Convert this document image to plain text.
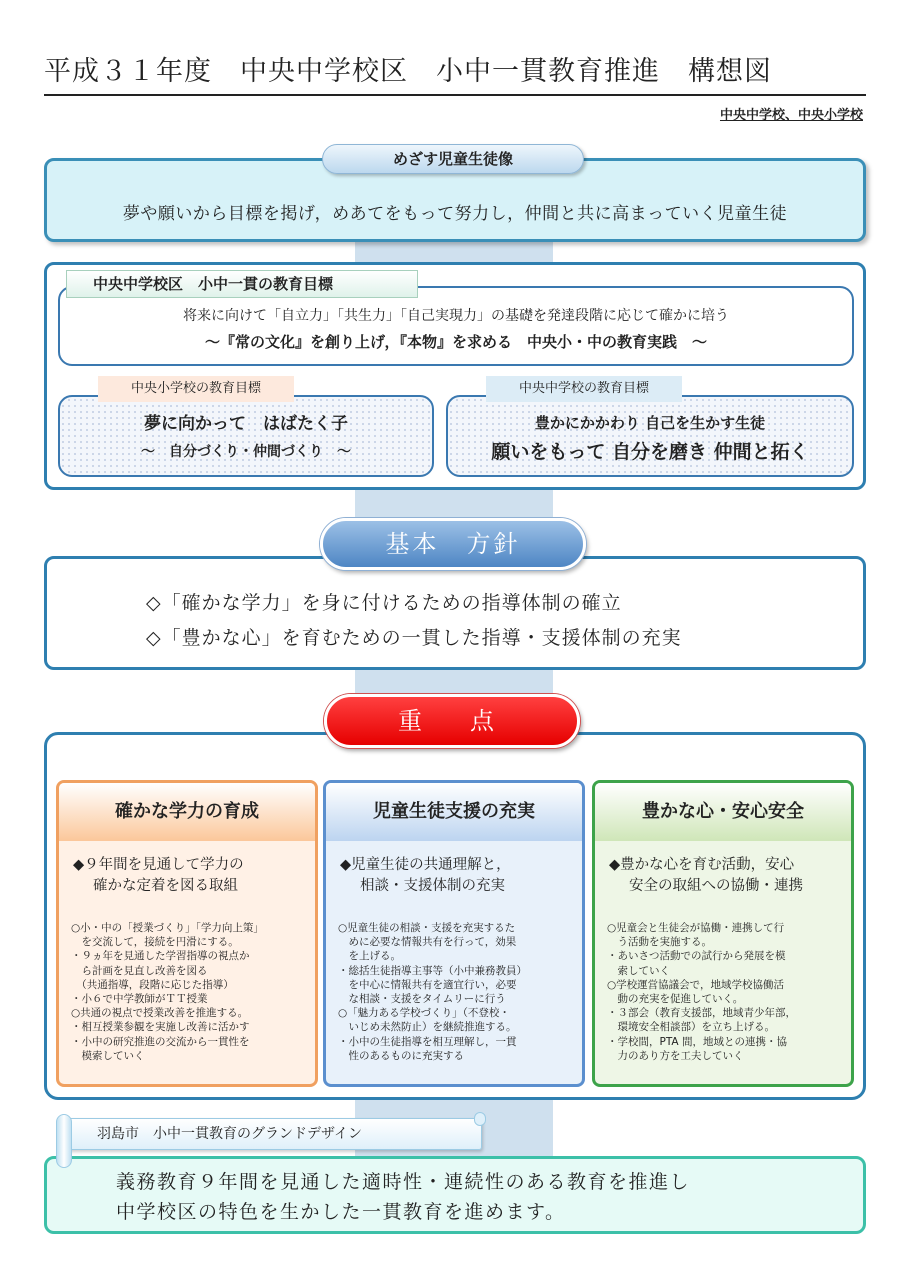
平成３１年度　中央中学校区　小中一貫教育推進　構想図
中央中学校、中央小学校
夢や願いから目標を掲げ，めあてをもって努力し，仲間と共に高まっていく児童生徒
めざす児童生徒像
中央中学校区　小中一貫の教育目標
将来に向けて「自立力」「共生力」「自己実現力」の基礎を発達段階に応じて確かに培う
～『常の文化』を創り上げ，『本物』を求める　中央小・中の教育実践　～
中央小学校の教育目標
夢に向かって　はばたく子
～　自分づくり・仲間づくり　～
中央中学校の教育目標
豊かにかかわり 自己を生かす生徒
願いをもって 自分を磨き 仲間と拓く
基本　方針
◇「確かな学力」を身に付けるための指導体制の確立
◇「豊かな心」を育むための一貫した指導・支援体制の充実
重　点
確かな学力の育成
◆９年間を見通して学力の
確かな定着を図る取組
○小・中の「授業づくり」「学力向上策」
　を交流して，接続を円滑にする。
・９ヵ年を見通した学習指導の視点か
　ら計画を見直し改善を図る
　（共通指導，段階に応じた指導）
・小６で中学教師がＴＴ授業
○共通の視点で授業改善を推進する。
・相互授業参観を実施し改善に活かす
・小中の研究推進の交流から一貫性を
　模索していく
児童生徒支援の充実
◆児童生徒の共通理解と，
相談・支援体制の充実
○児童生徒の相談・支援を充実するた
　めに必要な情報共有を行って，効果
　を上げる。
・総括生徒指導主事等（小中兼務教員）
　を中心に情報共有を適宜行い，必要
　な相談・支援をタイムリーに行う
○「魅力ある学校づくり」（不登校・
　いじめ未然防止）を継続推進する。
・小中の生徒指導を相互理解し，一貫
　性のあるものに充実する
豊かな心・安心安全
◆豊かな心を育む活動，安心
安全の取組への協働・連携
○児童会と生徒会が協働・連携して行
　う活動を実施する。
・あいさつ活動での試行から発展を模
　索していく
○学校運営協議会で，地域学校協働活
　動の充実を促進していく。
・３部会（教育支援部，地域青少年部，
　環境安全相談部）を立ち上げる。
・学校間，PTA 間，地域との連携・協
　力のあり方を工夫していく
羽島市　小中一貫教育のグランドデザイン
義務教育９年間を見通した適時性・連続性のある教育を推進し
中学校区の特色を生かした一貫教育を進めます。
